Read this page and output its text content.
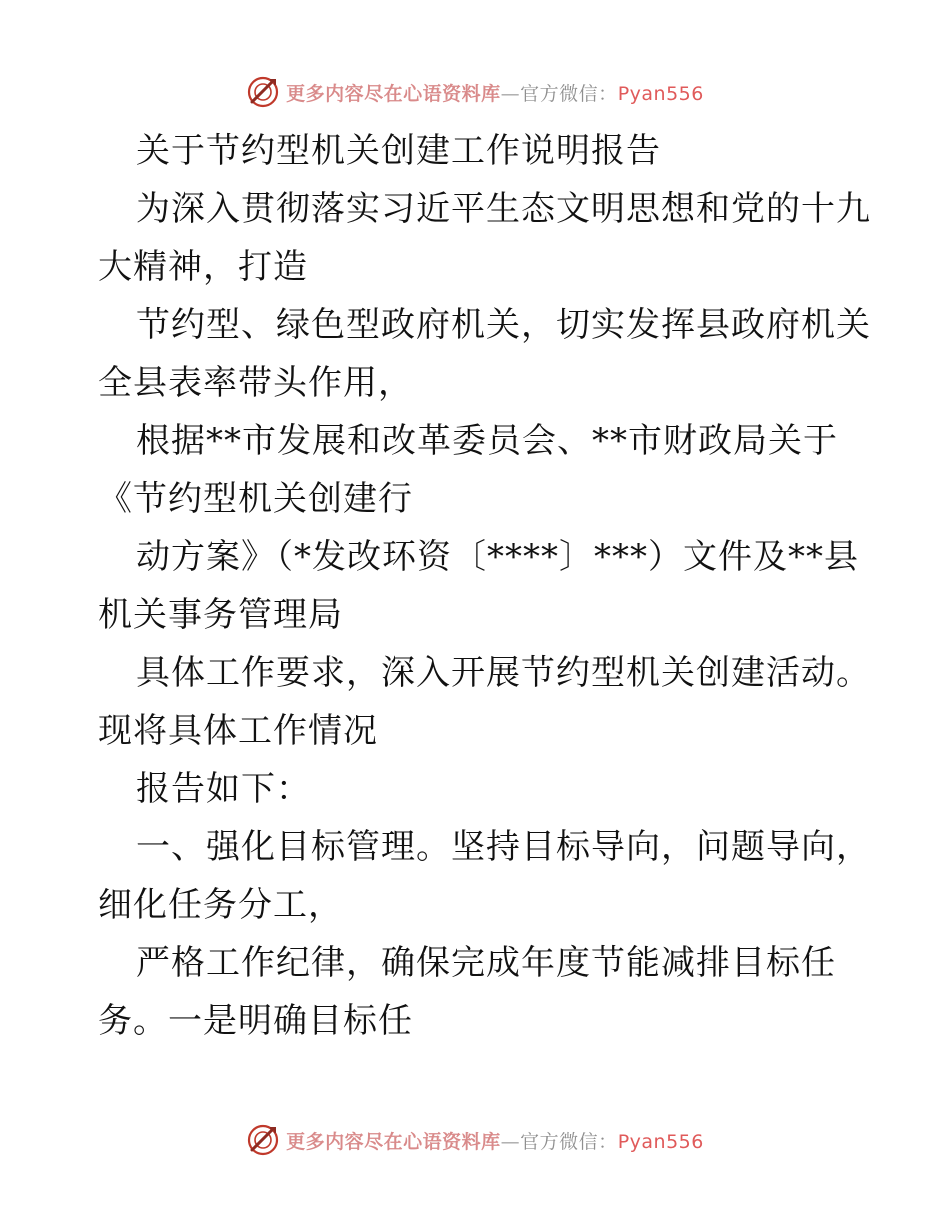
更多内容尽在心语资料库—官方微信：Pyan556
关于节约型机关创建工作说明报告
为深入贯彻落实习近平生态文明思想和党的十九
大精神，打造
节约型、绿色型政府机关，切实发挥县政府机关
全县表率带头作用，
根据**市发展和改革委员会、**市财政局关于
《节约型机关创建行
动方案》（*发改环资〔****〕***）文件及**县
机关事务管理局
具体工作要求，深入开展节约型机关创建活动。
现将具体工作情况
报告如下：
一、强化目标管理。坚持目标导向，问题导向，
细化任务分工，
严格工作纪律，确保完成年度节能减排目标任
务。一是明确目标任
更多内容尽在心语资料库—官方微信：Pyan556
